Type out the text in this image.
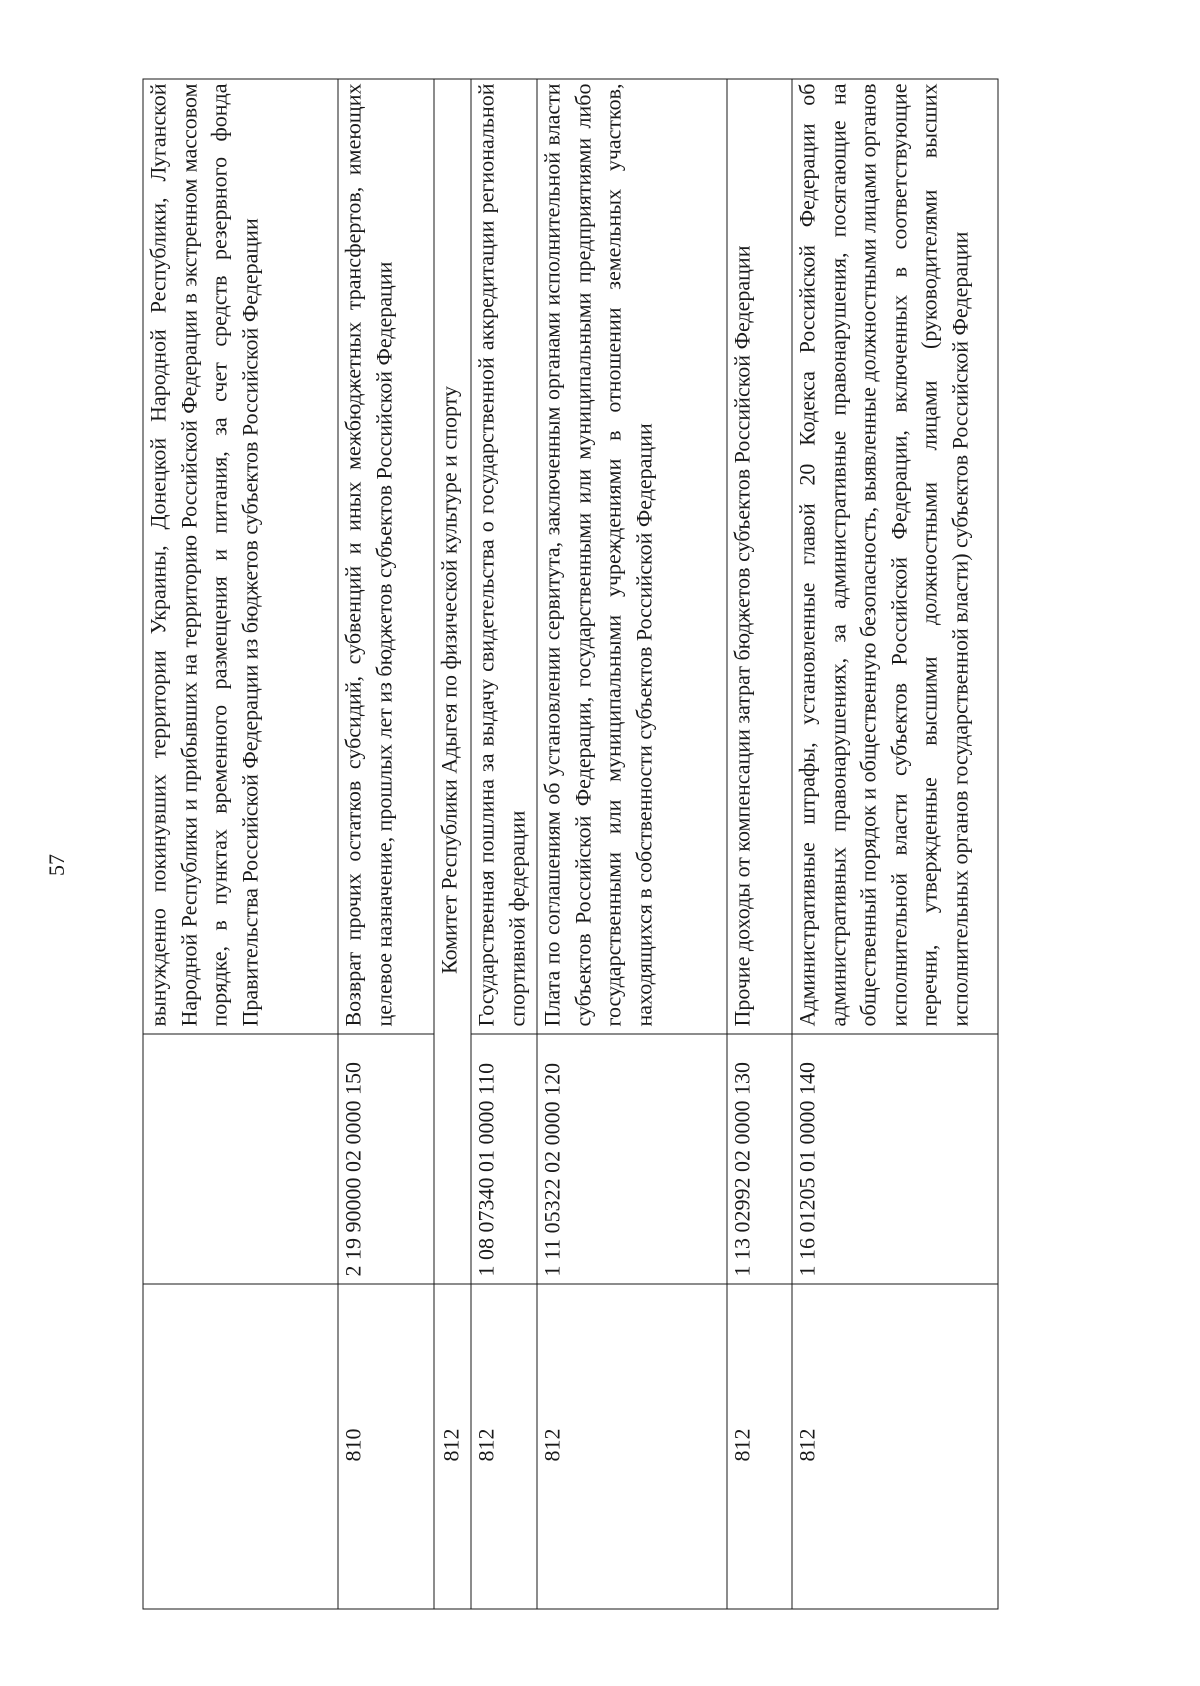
57
			вынужденно покинувших территории Украины, Донецкой Народной Республики, Луганской Народной Республики и прибывших на территорию Российской Федерации в экстренном массовом порядке, в пунктах временного размещения и питания, за счет средств резервного фонда Правительства Российской Федерации из бюджетов субъектов Российской Федерации
810	2 19 90000 02 0000 150	Возврат прочих остатков субсидий, субвенций и иных межбюджетных трансфертов, имеющих целевое назначение, прошлых лет из бюджетов субъектов Российской Федерации
812	Комитет Республики Адыгея по физической культуре и спорту	
812	1 08 07340 01 0000 110	Государственная пошлина за выдачу свидетельства о государственной аккредитации региональной спортивной федерации
812	1 11 05322 02 0000 120	Плата по соглашениям об установлении сервитута, заключенным органами исполнительной власти субъектов Российской Федерации, государственными или муниципальными предприятиями либо государственными или муниципальными учреждениями в отношении земельных участков, находящихся в собственности субъектов Российской Федерации
812	1 13 02992 02 0000 130	Прочие доходы от компенсации затрат бюджетов субъектов Российской Федерации
812	1 16 01205 01 0000 140	Административные штрафы, установленные главой 20 Кодекса Российской Федерации об административных правонарушениях, за административные правонарушения, посягающие на общественный порядок и общественную безопасность, выявленные должностными лицами органов исполнительной власти субъектов Российской Федерации, включенных в соответствующие перечни, утвержденные высшими должностными лицами (руководителями высших исполнительных органов государственной власти) субъектов Российской Федерации
